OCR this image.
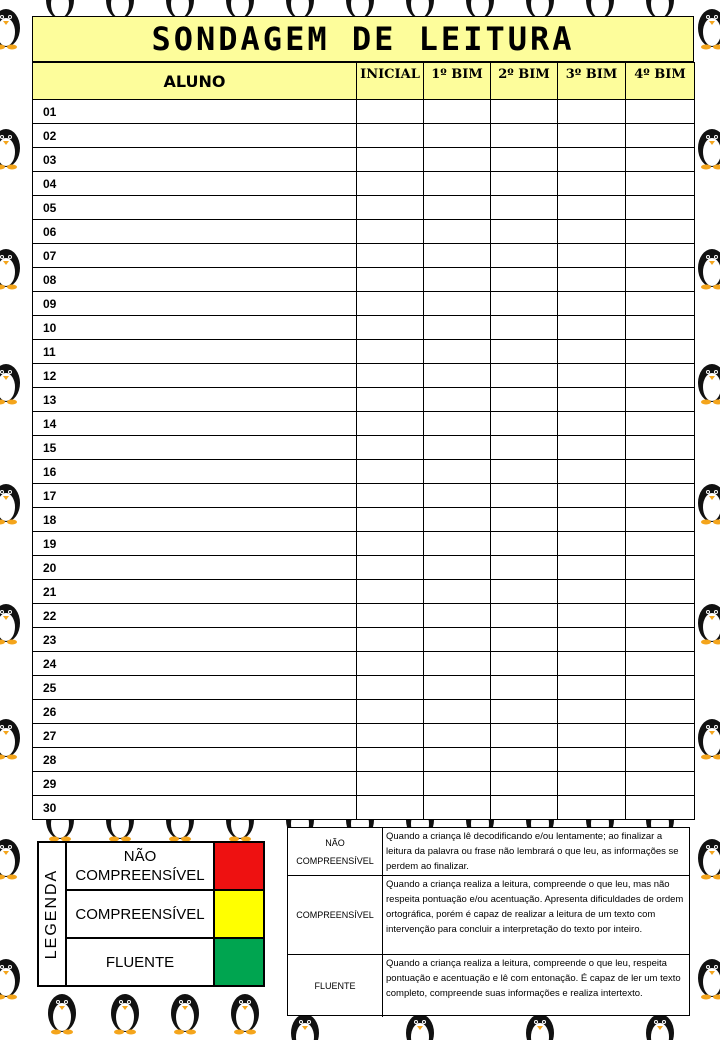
SONDAGEM DE LEITURA
ALUNO	INICIAL	1º BIM	2º BIM	3º BIM	4º BIM
01					
02					
03					
04					
05					
06					
07					
08					
09					
10					
11					
12					
13					
14					
15					
16					
17					
18					
19					
20					
21					
22					
23					
24					
25					
26					
27					
28					
29					
30					
LEGENDA
NÃO COMPREENSÍVEL
COMPREENSÍVEL
FLUENTE
NÃO COMPREENSÍVEL
Quando a criança lê decodificando e/ou lentamente; ao finalizar a leitura da palavra ou frase não lembrará o que leu, as informações se perdem ao finalizar.
COMPREENSÍVEL
Quando a criança realiza a leitura, compreende o que leu, mas não respeita pontuação e/ou acentuação. Apresenta dificuldades de ordem ortográfica, porém é capaz de realizar a leitura de um texto com intervenção para concluir a interpretação do texto por inteiro.
FLUENTE
Quando a criança realiza a leitura, compreende o que leu, respeita pontuação e acentuação e lê com entonação. É capaz de ler um texto completo, compreende suas informações e realiza intertexto.
